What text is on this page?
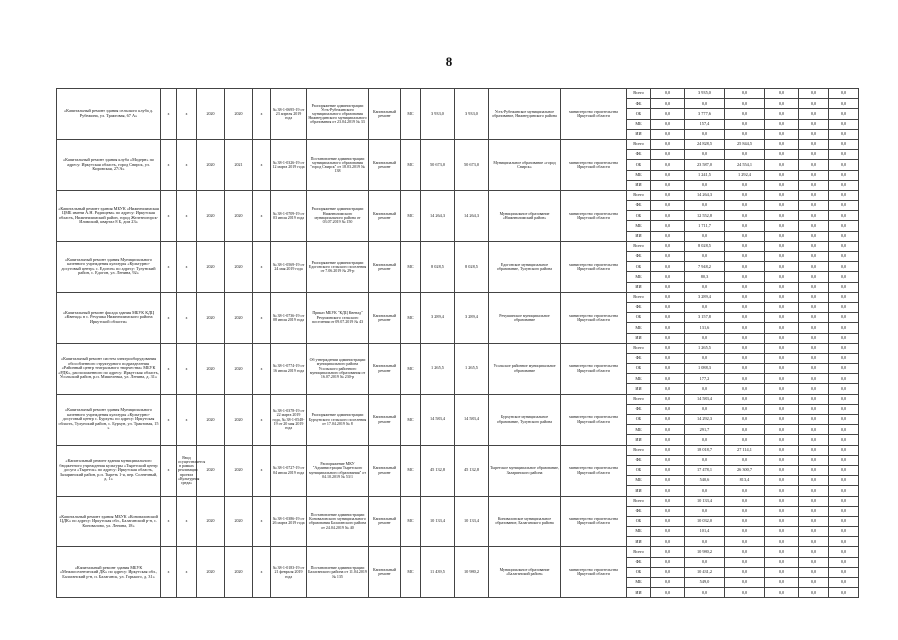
8
«Капитальный ремонт здания сельского клуба д. Рубежина, ул. Трактовая, 67 А»	х	х	2020	2020	х	№ 38-1-0695-19 от 23 апреля 2019 года	Распоряжение администрации Усть-Рубежинского муниципального образования Нижнеудинского муниципального образования от 23.04.2019 № 33	Капитальный ремонт	МС	3 933,0	3 933,0	Усть-Рубежинское муниципальное образование, Нижнеудинского района	министерство строительства Иркутской области	Всего	0,0	3 935,0	0,0	0,0	0,0	0,0
														ФБ	0,0	0,0	0,0	0,0	0,0	0,0
														ОБ	0,0	3 777,6	0,0	0,0	0,0	0,0
														МБ	0,0	157,4	0,0	0,0	0,0	0,0
														ИИ	0,0	0,0	0,0	0,0	0,0	0,0
«Капитальный ремонт здания клуба «Модерн» по адресу: Иркутская область, город Свирск, ул. Кировская, 27/А»	х	х	2020	2021	х	№ 38-1-0326-19 от 12 марта 2019 года	Постановление администрации муниципального образования "город Свирск" от 18.03.2019 № 138	Капитальный ремонт	МС	50 673,0	50 673,0	Муниципальное образование «город Свирск»	министерство строительства Иркутской области	Всего	0,0	24 828,5	25 844,5	0,0	0,0	0,0
														ФБ	0,0	0,0	0,0	0,0	0,0	0,0
														ОБ	0,0	23 587,0	24 554,1	0,0	0,0	0,0
														МБ	0,0	1 241,5	1 292,4	0,0	0,0	0,0
														ИИ	0,0	0,0	0,0	0,0	0,0	0,0
«Капитальный ремонт здания МБУК «Нижнеилимская ЦМБ имени А.Н. Радищева» по адресу: Иркутская область, Нижнеилимский район, город Железногорск-Илимский, квартал 8 Б, дом 23»	х	х	2020	2020	х	№ 38-1-0709-19 от 03 июля 2019 года	Распоряжение администрации Нижнеилимского муниципального района от 03.07.2019 № 150	Капитальный ремонт	МС	14 264,3	14 264,3	Муниципальное образование «Нижнеилимский район»	министерство строительства Иркутской области	Всего	0,0	14 264,3	0,0	0,0	0,0	0,0
														ФБ	0,0	0,0	0,0	0,0	0,0	0,0
														ОБ	0,0	12 552,8	0,0	0,0	0,0	0,0
														МБ	0,0	1 711,7	0,0	0,0	0,0	0,0
														ИИ	0,0	0,0	0,0	0,0	0,0	0,0
«Капитальный ремонт здания Муниципального казенного учреждения культуры «Культурно-досуговый центр» с. Едогон» по адресу: Тулунский район, с. Едогон, ул. Ленина, 92»	х	х	2020	2020	х	№ 38-1-0569-19 от 24 мая 2019 года	Распоряжение администрации Едогонского сельского поселения от 7.06.2019 № 29-р	Капитальный ремонт	МС	8 028,5	8 028,5	Едогонское муниципальное образование, Тулунского района	министерство строительства Иркутской области	Всего	0,0	8 028,5	0,0	0,0	0,0	0,0
														ФБ	0,0	0,0	0,0	0,0	0,0	0,0
														ОБ	0,0	7 948,2	0,0	0,0	0,0	0,0
														МБ	0,0	80,3	0,0	0,0	0,0	0,0
														ИИ	0,0	0,0	0,0	0,0	0,0	0,0
«Капитальный ремонт фасада здания МБУК КДЦ «Квенад» в с. Речушка Нижнеилимского района Иркутской области»	х	х	2020	2020	х	№ 38-1-0736-19 от 08 июля 2019 года	Приказ МБУК "КДЦ Квенад" Речушинского сельского поселения от 09.07.2019 № 43	Капитальный ремонт	МС	3 289,4	3 289,4	Речушинское муниципальное образование	министерство строительства Иркутской области	Всего	0,0	3 289,4	0,0	0,0	0,0	0,0
														ФБ	0,0	0,0	0,0	0,0	0,0	0,0
														ОБ	0,0	3 157,8	0,0	0,0	0,0	0,0
														МБ	0,0	131,6	0,0	0,0	0,0	0,0
														ИИ	0,0	0,0	0,0	0,0	0,0	0,0
«Капитальный ремонт систем электрооборудования обособленного структурного подразделения «Районный центр театрального творчества» МБУК «РДК», расположенного по адресу: Иркутская область, Усольский район, р.п. Мишелевка, ул. Ленина, д. 31»	х	х	2020	2020	х	№ 38-1-0774-19 от 16 июля 2019 года	Об утверждении администрации муниципального района Усольского районного муниципального образования от 16.07.2019 № 230-р	Капитальный ремонт	МС	1 265,5	1 265,5	Усольское районное муниципальное образование	министерство строительства Иркутской области	Всего	0,0	1 265,5	0,0	0,0	0,0	0,0
														ФБ	0,0	0,0	0,0	0,0	0,0	0,0
														ОБ	0,0	1 088,3	0,0	0,0	0,0	0,0
														МБ	0,0	177,2	0,0	0,0	0,0	0,0
														ИИ	0,0	0,0	0,0	0,0	0,0	0,0
«Капитальный ремонт здания Муниципального казенного учреждения культуры «Культурно-досуговый центр с. Бурхун» по адресу: Иркутская область, Тулунский район, с. Бурхун, ул. Трактовая, 15 »	х	х	2020	2020	х	№ 38-1-0378-19 от 22 марта 2019 года, № 38-1-0548-19 от 20 мая 2019 года	Распоряжение администрации Бурхунского сельского поселения от 17.04.2019 № 8	Капитальный ремонт	МС	14 583,4	14 583,4	Бурхунское муниципальное образование, Тулунского района	министерство строительства Иркутской области	Всего	0,0	14 583,4	0,0	0,0	0,0	0,0
														ФБ	0,0	0,0	0,0	0,0	0,0	0,0
														ОБ	0,0	14 292,3	0,0	0,0	0,0	0,0
														МБ	0,0	291,7	0,0	0,0	0,0	0,0
														ИИ	0,0	0,0	0,0	0,0	0,0	0,0
«Капитальный ремонт здания муниципального бюджетного учреждения культуры «Тыретский центр досуга «Тыретск» по адресу: Иркутская область, Заларинский район, р.п. Тыреть 1-я, пер. Солнечный, д. 1»	х	Ввод осуществляется в рамках реализации проекта «Культурная среда»	2020	2020	х	№ 38-1-0727-19 от 04 июля 2019 года	Распоряжение МКУ "Администрация Тыретского муниципального образования" от 04.10.2019 № 53/1	Капитальный ремонт	МС	45 132,8	45 132,8	Тыретское муниципальное образование, Заларинского района	министерство строительства Иркутской области	Всего	0,0	18 018,7	27 114,1	0,0	0,0	0,0
														ФБ	0,0	0,0	0,0	0,0	0,0	0,0
														ОБ	0,0	17 478,1	26 300,7	0,0	0,0	0,0
														МБ	0,0	540,6	813,4	0,0	0,0	0,0
														ИИ	0,0	0,0	0,0	0,0	0,0	0,0
«Капитальный ремонт здания МБУК «Коноваловский ЦДК» по адресу: Иркутская обл., Балаганский р-н, с. Коновалово, ул. Ленина, 18»	х	х	2020	2020	х	№ 38-1-0386-19 от 26 марта 2019 года	Постановление администрации Коноваловского муниципального образования Балаганского района от 24.04.2019 № 40	Капитальный ремонт	МС	10 133,4	10 133,4	Коноваловское муниципальное образование, Балаганского района	министерство строительства Иркутской области	Всего	0,0	10 133,4	0,0	0,0	0,0	0,0
														ФБ	0,0	0,0	0,0	0,0	0,0	0,0
														ОБ	0,0	10 032,0	0,0	0,0	0,0	0,0
														МБ	0,0	101,4	0,0	0,0	0,0	0,0
														ИИ	0,0	0,0	0,0	0,0	0,0	0,0
«Капитальный ремонт здания МБУК «Межпоселенческий ДК» по адресу: Иркутская обл., Балаганский р-н, п. Балаганск, ул. Горького, д. 31»	х	х	2020	2020	х	№ 38-1-0183-19 от 21 февраля 2019 года	Постановление администрации Балаганского района от 11.04.2019 № 135	Капитальный ремонт	МС	11 439,5	10 980,2	Муниципальное образование «Балаганский район»	министерство строительства Иркутской области	Всего	0,0	10 980,2	0,0	0,0	0,0	0,0
														ФБ	0,0	0,0	0,0	0,0	0,0	0,0
														ОБ	0,0	10 431,2	0,0	0,0	0,0	0,0
														МБ	0,0	549,0	0,0	0,0	0,0	0,0
														ИИ	0,0	0,0	0,0	0,0	0,0	0,0
